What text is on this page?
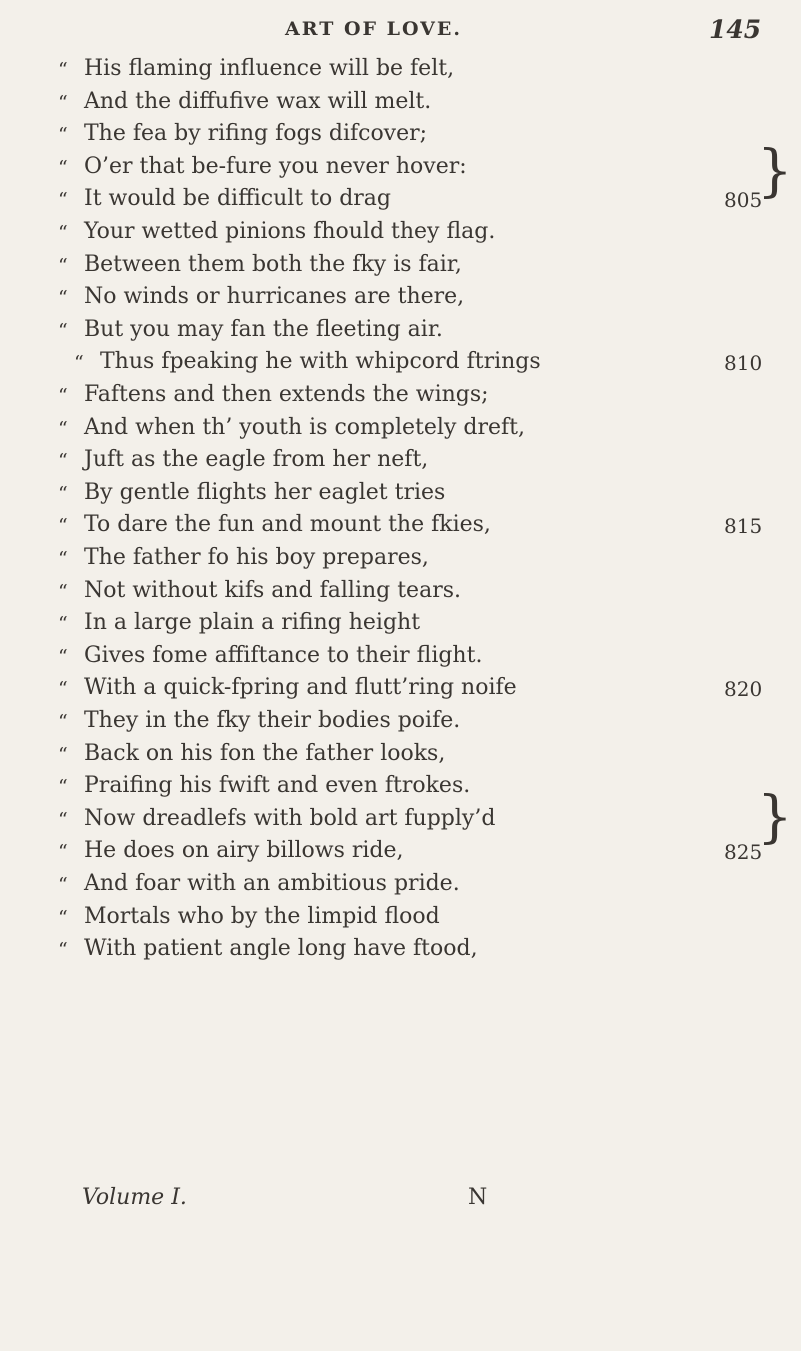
ART OF LOVE.	145
“ His flaming influence will be felt,
“ And the diffufive wax will melt.
“ The fea by rifing fogs difcover;
“ O’er that be-fure you never hover:
“ It would be difficult to drag	805
“ Your wetted pinions fhould they flag.
“ Between them both the fky is fair,
“ No winds or hurricanes are there,
“ But you may fan the fleeting air.
“ Thus fpeaking he with whipcord ftrings	810
“ Faftens and then extends the wings;
“ And when th’ youth is completely dreft,
“ Juft as the eagle from her neft,
“ By gentle flights her eaglet tries
“ To dare the fun and mount the fkies,	815
“ The father fo his boy prepares,
“ Not without kifs and falling tears.
“ In a large plain a rifing height
“ Gives fome affiftance to their flight.
“ With a quick-fpring and flutt’ring noife	820
“ They in the fky their bodies poife.
“ Back on his fon the father looks,
“ Praifing his fwift and even ftrokes.
“ Now dreadlefs with bold art fupply’d
“ He does on airy billows ride,	825
“ And foar with an ambitious pride.
“ Mortals who by the limpid flood
“ With patient angle long have ftood,
}
}
Volume I.	N
